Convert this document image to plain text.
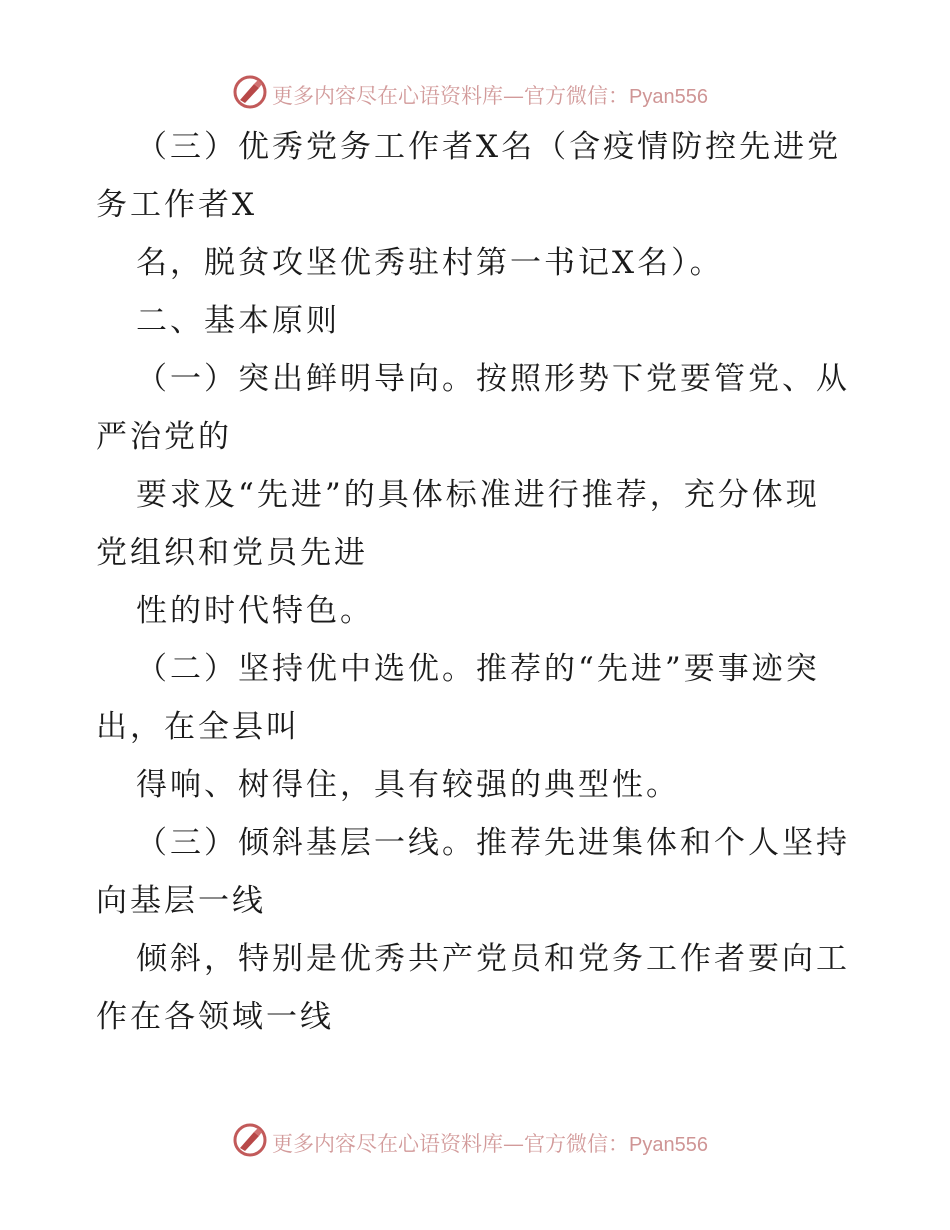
更多内容尽在心语资料库—官方微信：Pyan556
（三）优秀党务工作者X名（含疫情防控先进党
务工作者X
名，脱贫攻坚优秀驻村第一书记X名）。
二、基本原则
（一）突出鲜明导向。按照形势下党要管党、从
严治党的
要求及“先进”的具体标准进行推荐，充分体现
党组织和党员先进
性的时代特色。
（二）坚持优中选优。推荐的“先进”要事迹突
出，在全县叫
得响、树得住，具有较强的典型性。
（三）倾斜基层一线。推荐先进集体和个人坚持
向基层一线
倾斜，特别是优秀共产党员和党务工作者要向工
作在各领域一线
更多内容尽在心语资料库—官方微信：Pyan556
